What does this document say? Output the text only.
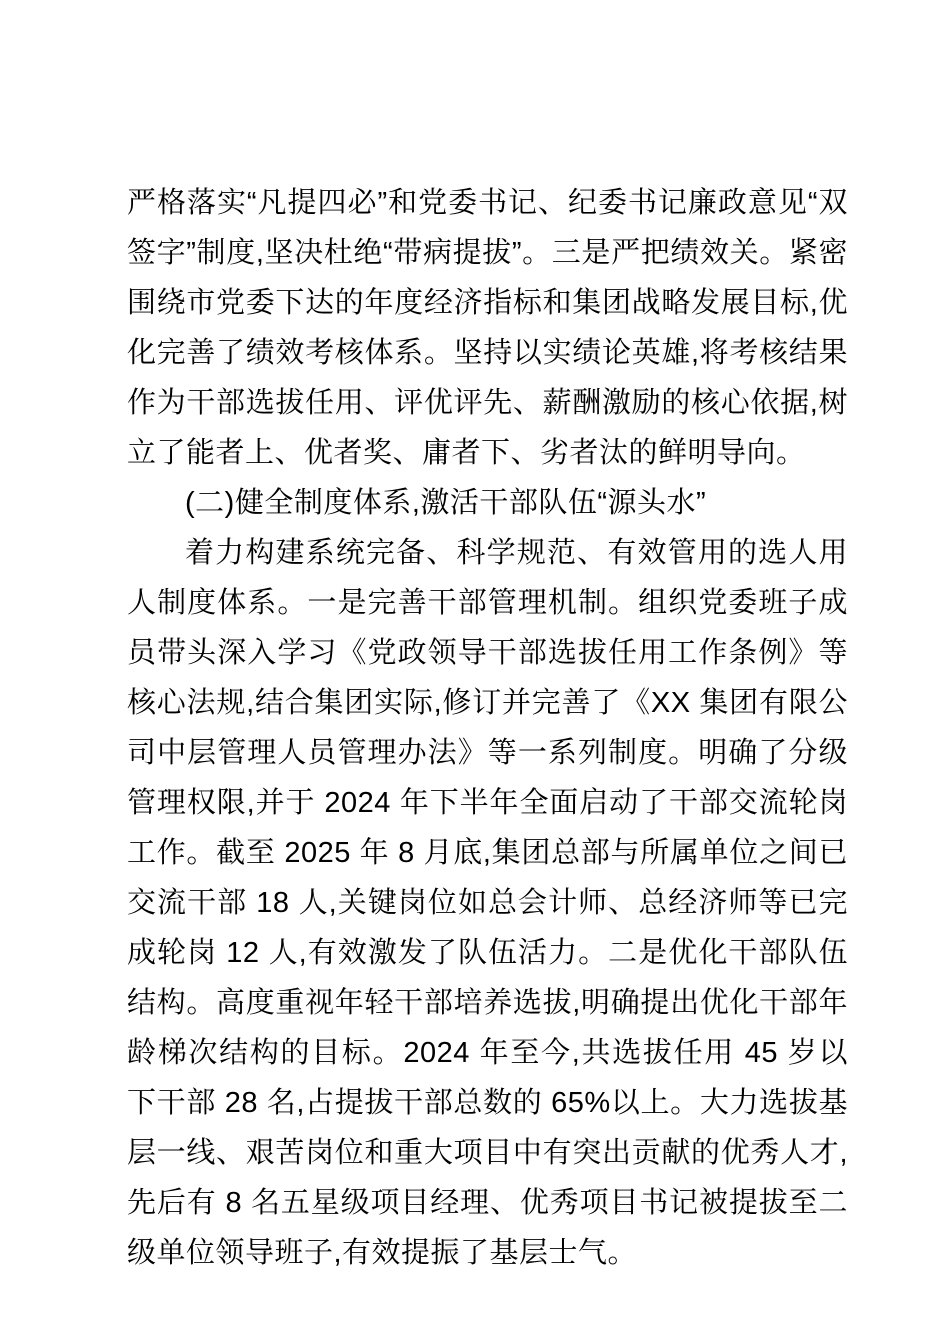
严格落实“凡提四必”和党委书记、纪委书记廉政意见“双签字”制度,坚决杜绝“带病提拔”。三是严把绩效关。紧密围绕市党委下达的年度经济指标和集团战略发展目标,优化完善了绩效考核体系。坚持以实绩论英雄,将考核结果作为干部选拔任用、评优评先、薪酬激励的核心依据,树立了能者上、优者奖、庸者下、劣者汰的鲜明导向。

(二)健全制度体系,激活干部队伍“源头水”

着力构建系统完备、科学规范、有效管用的选人用人制度体系。一是完善干部管理机制。组织党委班子成员带头深入学习《党政领导干部选拔任用工作条例》等核心法规,结合集团实际,修订并完善了《XX 集团有限公司中层管理人员管理办法》等一系列制度。明确了分级管理权限,并于 2024 年下半年全面启动了干部交流轮岗工作。截至 2025 年 8 月底,集团总部与所属单位之间已交流干部 18 人,关键岗位如总会计师、总经济师等已完成轮岗 12 人,有效激发了队伍活力。二是优化干部队伍结构。高度重视年轻干部培养选拔,明确提出优化干部年龄梯次结构的目标。2024 年至今,共选拔任用 45 岁以下干部 28 名,占提拔干部总数的 65%以上。大力选拔基层一线、艰苦岗位和重大项目中有突出贡献的优秀人才,先后有 8 名五星级项目经理、优秀项目书记被提拔至二级单位领导班子,有效提振了基层士气。
